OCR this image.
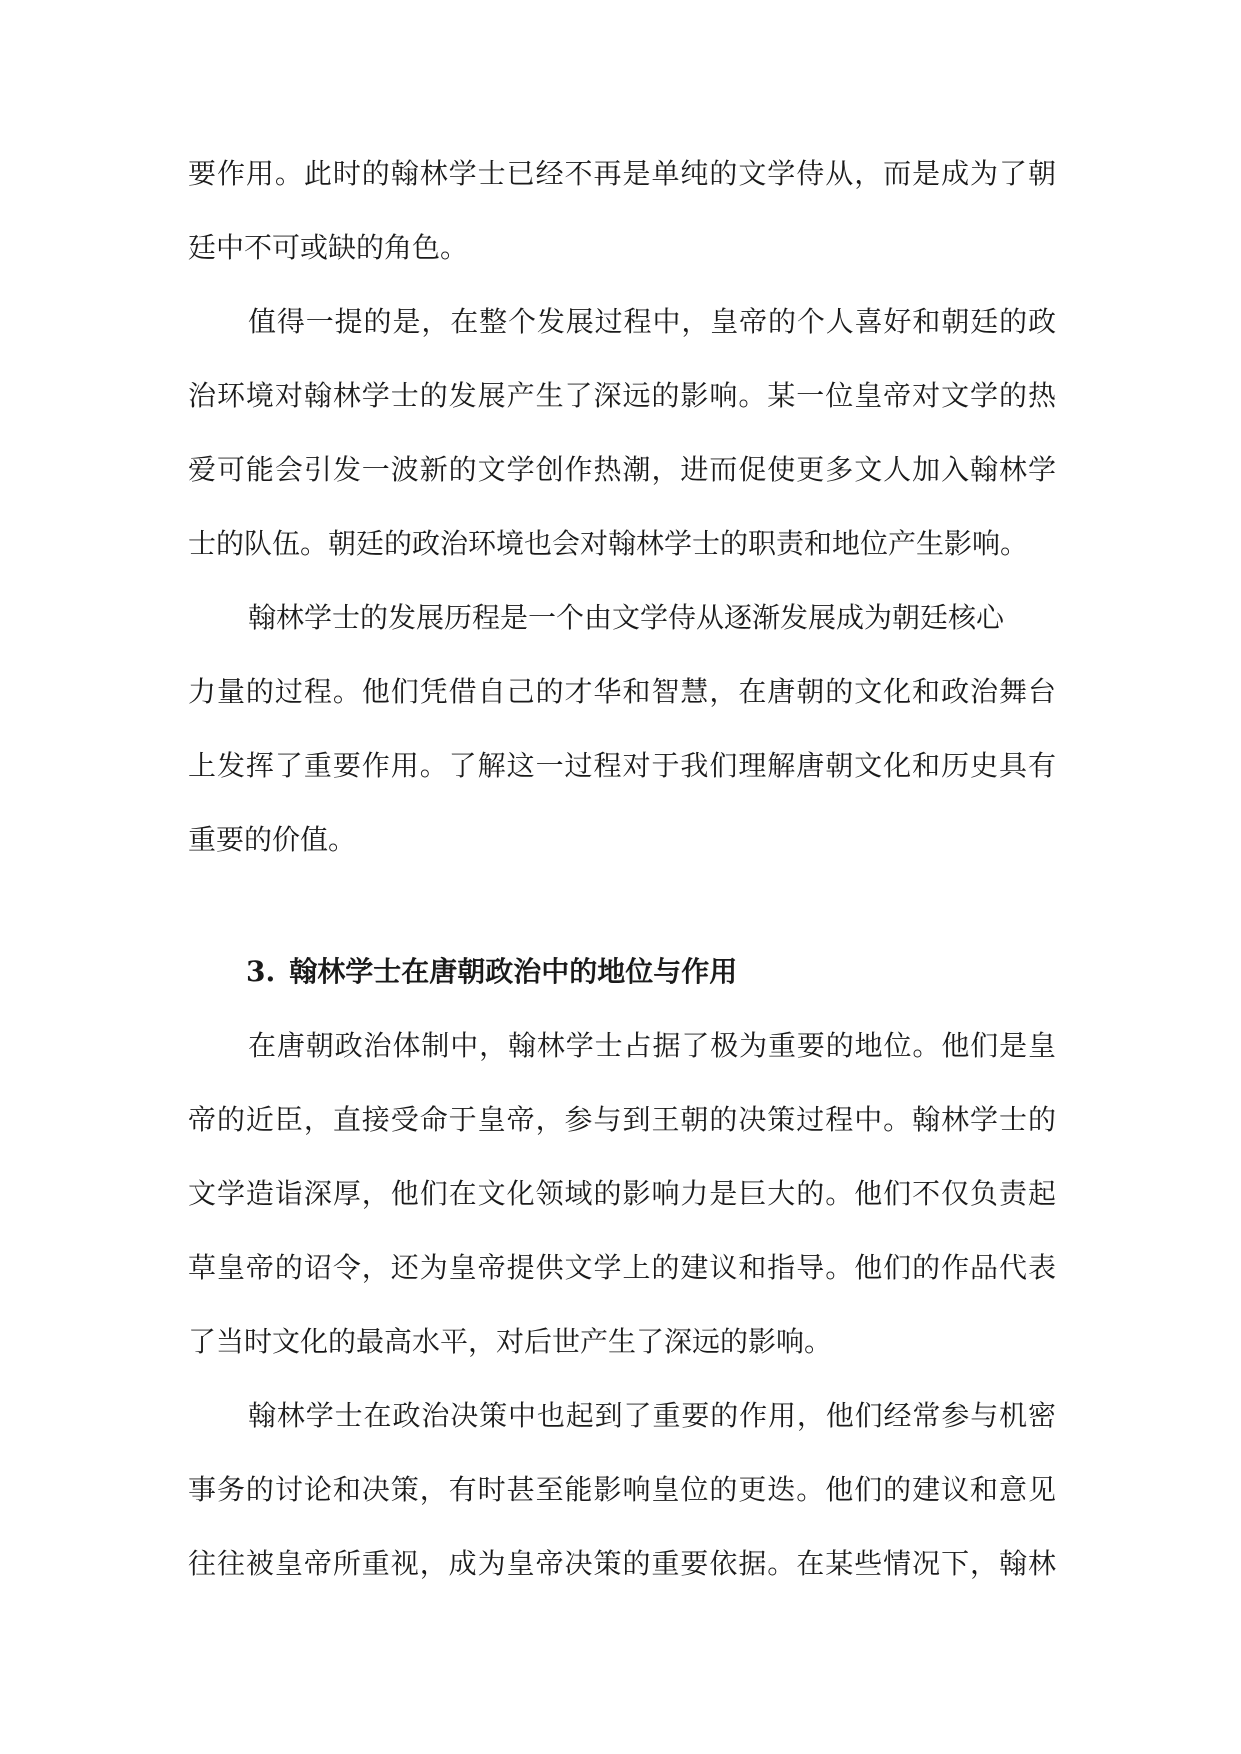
要作用。此时的翰林学士已经不再是单纯的文学侍从，而是成为了朝
廷中不可或缺的角色。
值得一提的是，在整个发展过程中，皇帝的个人喜好和朝廷的政
治环境对翰林学士的发展产生了深远的影响。某一位皇帝对文学的热
爱可能会引发一波新的文学创作热潮，进而促使更多文人加入翰林学
士的队伍。朝廷的政治环境也会对翰林学士的职责和地位产生影响。
翰林学士的发展历程是一个由文学侍从逐渐发展成为朝廷核心
力量的过程。他们凭借自己的才华和智慧，在唐朝的文化和政治舞台
上发挥了重要作用。了解这一过程对于我们理解唐朝文化和历史具有
重要的价值。
3. 翰林学士在唐朝政治中的地位与作用
在唐朝政治体制中，翰林学士占据了极为重要的地位。他们是皇
帝的近臣，直接受命于皇帝，参与到王朝的决策过程中。翰林学士的
文学造诣深厚，他们在文化领域的影响力是巨大的。他们不仅负责起
草皇帝的诏令，还为皇帝提供文学上的建议和指导。他们的作品代表
了当时文化的最高水平，对后世产生了深远的影响。
翰林学士在政治决策中也起到了重要的作用，他们经常参与机密
事务的讨论和决策，有时甚至能影响皇位的更迭。他们的建议和意见
往往被皇帝所重视，成为皇帝决策的重要依据。在某些情况下，翰林
